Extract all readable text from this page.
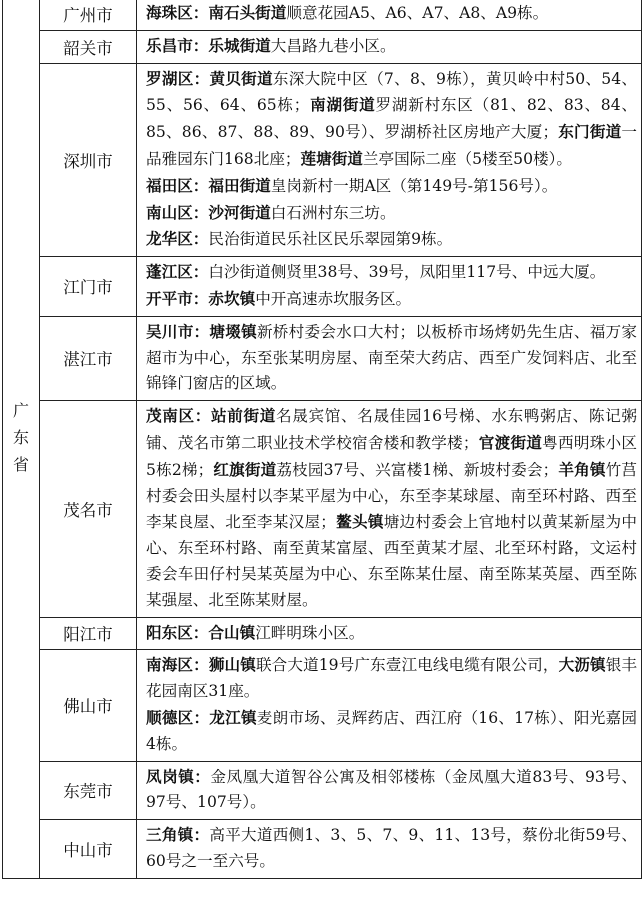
广东省	广州市	海珠区：南石头街道顺意花园A5、A6、A7、A8、A9栋。

	韶关市	乐昌市：乐城街道大昌路九巷小区。

	深圳市	罗湖区：黄贝街道东深大院中区（7、8、9栋），黄贝岭中村50、54、55、56、64、65栋；南湖街道罗湖新村东区（81、82、83、84、85、86、87、88、89、90号）、罗湖桥社区房地产大厦；东门街道一品雅园东门168北座；莲塘街道兰亭国际二座（5楼至50楼）。
福田区：福田街道皇岗新村一期A区（第149号-第156号）。
南山区：沙河街道白石洲村东三坊。
龙华区：民治街道民乐社区民乐翠园第9栋。

	江门市	蓬江区：白沙街道侧贤里38号、39号，凤阳里117号、中远大厦。
开平市：赤坎镇中开高速赤坎服务区。

	湛江市	吴川市：塘㙍镇新桥村委会水口大村；以板桥市场烤奶先生店、福万家超市为中心，东至张某明房屋、南至荣大药店、西至广发饲料店、北至锦锋门窗店的区域。

	茂名市	茂南区：站前街道名晟宾馆、名晟佳园16号梯、水东鸭粥店、陈记粥铺、茂名市第二职业技术学校宿舍楼和教学楼；官渡街道粤西明珠小区5栋2梯；红旗街道荔枝园37号、兴富楼1梯、新坡村委会；羊角镇竹莒村委会田头屋村以李某平屋为中心，东至李某球屋、南至环村路、西至李某良屋、北至李某汉屋；鳌头镇塘边村委会上官地村以黄某新屋为中心、东至环村路、南至黄某富屋、西至黄某才屋、北至环村路，文运村委会车田仔村吴某英屋为中心、东至陈某仕屋、南至陈某英屋、西至陈某强屋、北至陈某财屋。

	阳江市	阳东区：合山镇江畔明珠小区。

	佛山市	南海区：狮山镇联合大道19号广东壹江电线电缆有限公司，大沥镇银丰花园南区31座。
顺德区：龙江镇麦朗市场、灵辉药店、西江府（16、17栋）、阳光嘉园4栋。

	东莞市	凤岗镇：金凤凰大道智谷公寓及相邻楼栋（金凤凰大道83号、93号、97号、107号）。

	中山市	三角镇：高平大道西侧1、3、5、7、9、11、13号，蔡份北街59号、60号之一至六号。
